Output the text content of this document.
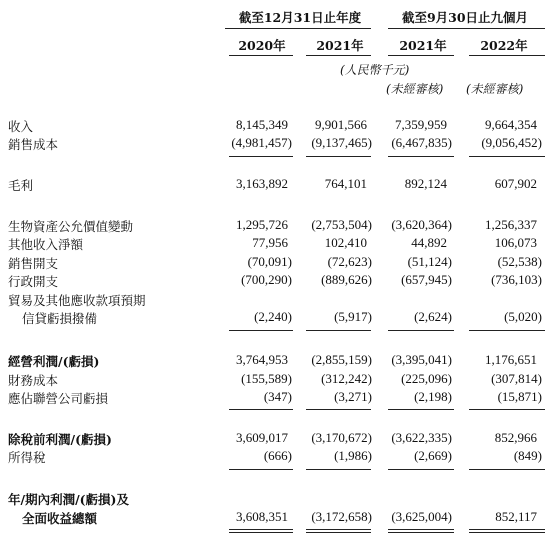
截至12月31日止年度	截至9月30日止九個月
2020年	2021年	2021年	2022年
(人民幣千元)
(未經審核) (未經審核)
收入	8,145,349	9,901,566	7,359,959	9,664,354
銷售成本	(4,981,457)	(9,137,465)	(6,467,835)	(9,056,452)
毛利	3,163,892	764,101	892,124	607,902
生物資產公允價值變動	1,295,726	(2,753,504)	(3,620,364)	1,256,337
其他收入淨額	77,956	102,410	44,892	106,073
銷售開支	(70,091)	(72,623)	(51,124)	(52,538)
行政開支	(700,290)	(889,626)	(657,945)	(736,103)
貿易及其他應收款項預期
信貸虧損撥備	(2,240)	(5,917)	(2,624)	(5,020)
經營利潤/(虧損)	3,764,953	(2,855,159)	(3,395,041)	1,176,651
財務成本	(155,589)	(312,242)	(225,096)	(307,814)
應佔聯營公司虧損	(347)	(3,271)	(2,198)	(15,871)
除稅前利潤/(虧損)	3,609,017	(3,170,672)	(3,622,335)	852,966
所得稅	(666)	(1,986)	(2,669)	(849)
年/期內利潤/(虧損)及
全面收益總額	3,608,351	(3,172,658)	(3,625,004)	852,117
